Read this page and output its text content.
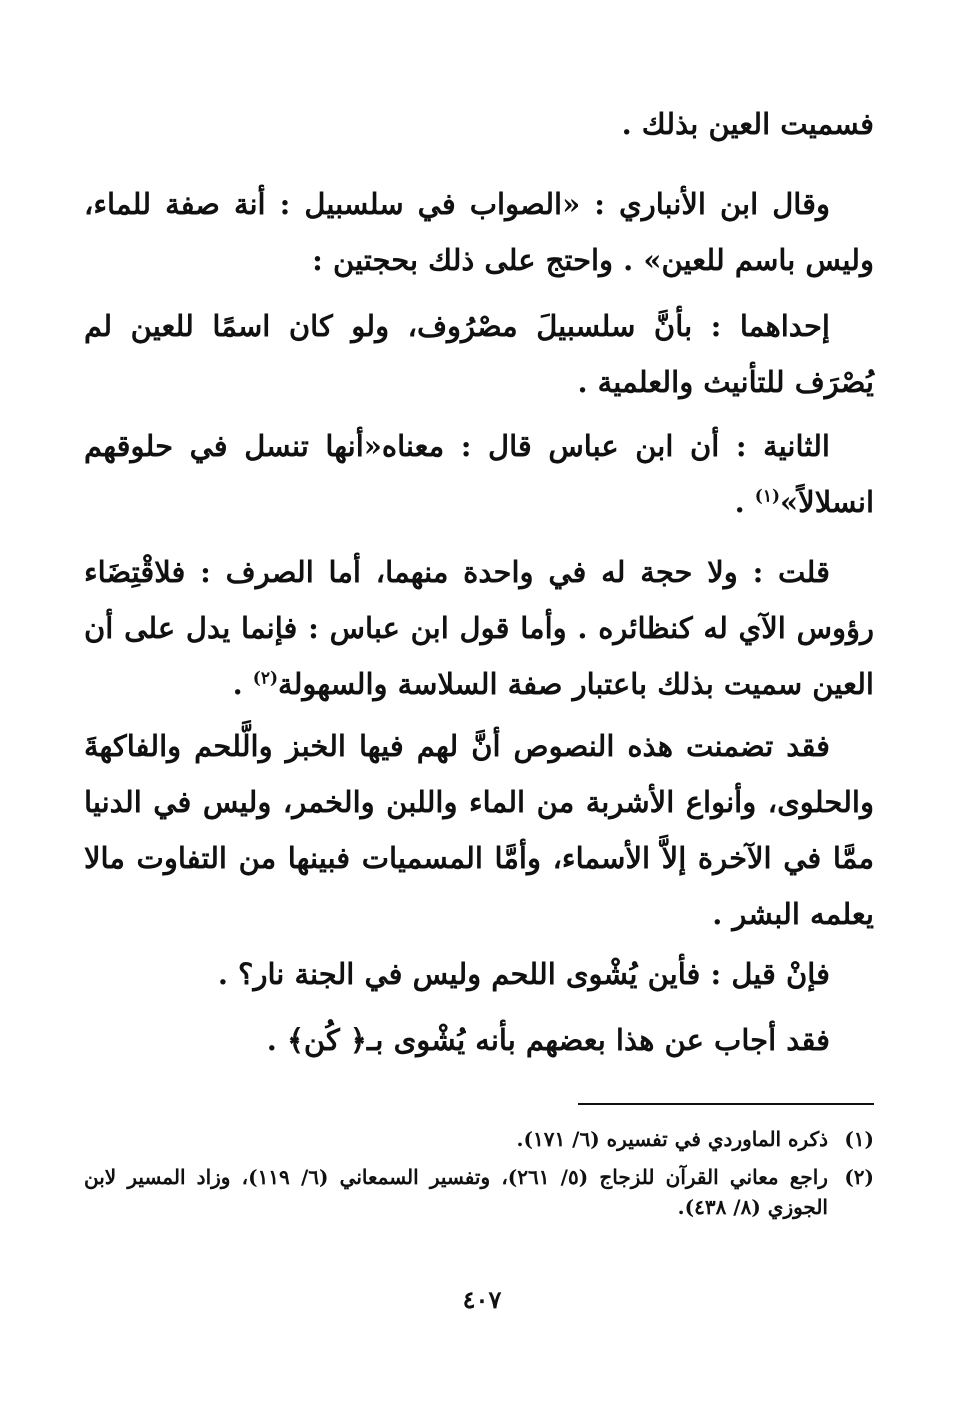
فسميت العين بذلك .

وقال ابن الأنباري : «الصواب في سلسبيل : أنة صفة للماء، وليس باسم للعين» . واحتج على ذلك بحجتين :

إحداهما : بأنَّ سلسبيلَ مصْرُوف، ولو كان اسمًا للعين لم يُصْرَف للتأنيث والعلمية .

الثانية : أن ابن عباس قال : معناه«أنها تنسل في حلوقهم انسلالاً»$^{(١)}$ .

قلت : ولا حجة له في واحدة منهما، أما الصرف : فلاقْتِضَاء رؤوس الآي له كنظائره . وأما قول ابن عباس : فإنما يدل على أن العين سميت بذلك باعتبار صفة السلاسة والسهولة$^{(٢)}$ .

فقد تضمنت هذه النصوص أنَّ لهم فيها الخبز والَّلحم والفاكهةَ والحلوى، وأنواع الأشربة من الماء واللبن والخمر، وليس في الدنيا ممَّا في الآخرة إلاَّ الأسماء، وأمَّا المسميات فبينها من التفاوت مالا يعلمه البشر .

فإنْ قيل : فأين يُشْوى اللحم وليس في الجنة نار؟ .

فقد أجاب عن هذا بعضهم بأنه يُشْوى بـ﴿ كُن﴾ .

(١)
ذكره الماوردي في تفسيره (٦/ ١٧١).
(٢)
راجع معاني القرآن للزجاج (٥/ ٢٦١)، وتفسير السمعاني (٦/ ١١٩)، وزاد المسير لابن الجوزي (٨/ ٤٣٨).
٤٠٧
